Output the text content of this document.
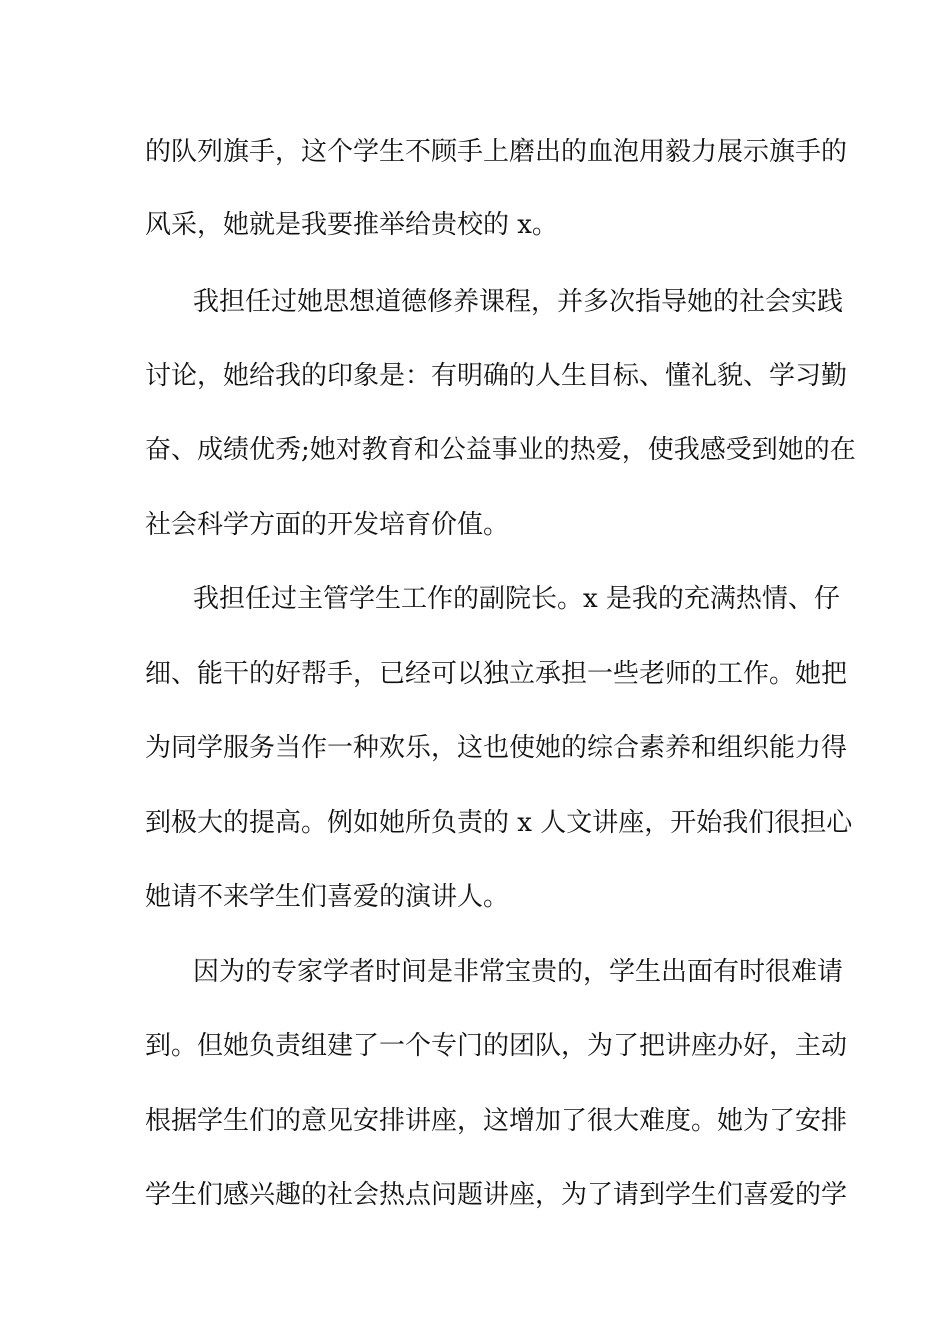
的队列旗手，这个学生不顾手上磨出的血泡用毅力展示旗手的
风采，她就是我要推举给贵校的 x。
我担任过她思想道德修养课程，并多次指导她的社会实践
讨论，她给我的印象是：有明确的人生目标、懂礼貌、学习勤
奋、成绩优秀;她对教育和公益事业的热爱，使我感受到她的在
社会科学方面的开发培育价值。
我担任过主管学生工作的副院长。x 是我的充满热情、仔
细、能干的好帮手，已经可以独立承担一些老师的工作。她把
为同学服务当作一种欢乐，这也使她的综合素养和组织能力得
到极大的提高。例如她所负责的 x 人文讲座，开始我们很担心
她请不来学生们喜爱的演讲人。
因为的专家学者时间是非常宝贵的，学生出面有时很难请
到。但她负责组建了一个专门的团队，为了把讲座办好，主动
根据学生们的意见安排讲座，这增加了很大难度。她为了安排
学生们感兴趣的社会热点问题讲座，为了请到学生们喜爱的学
